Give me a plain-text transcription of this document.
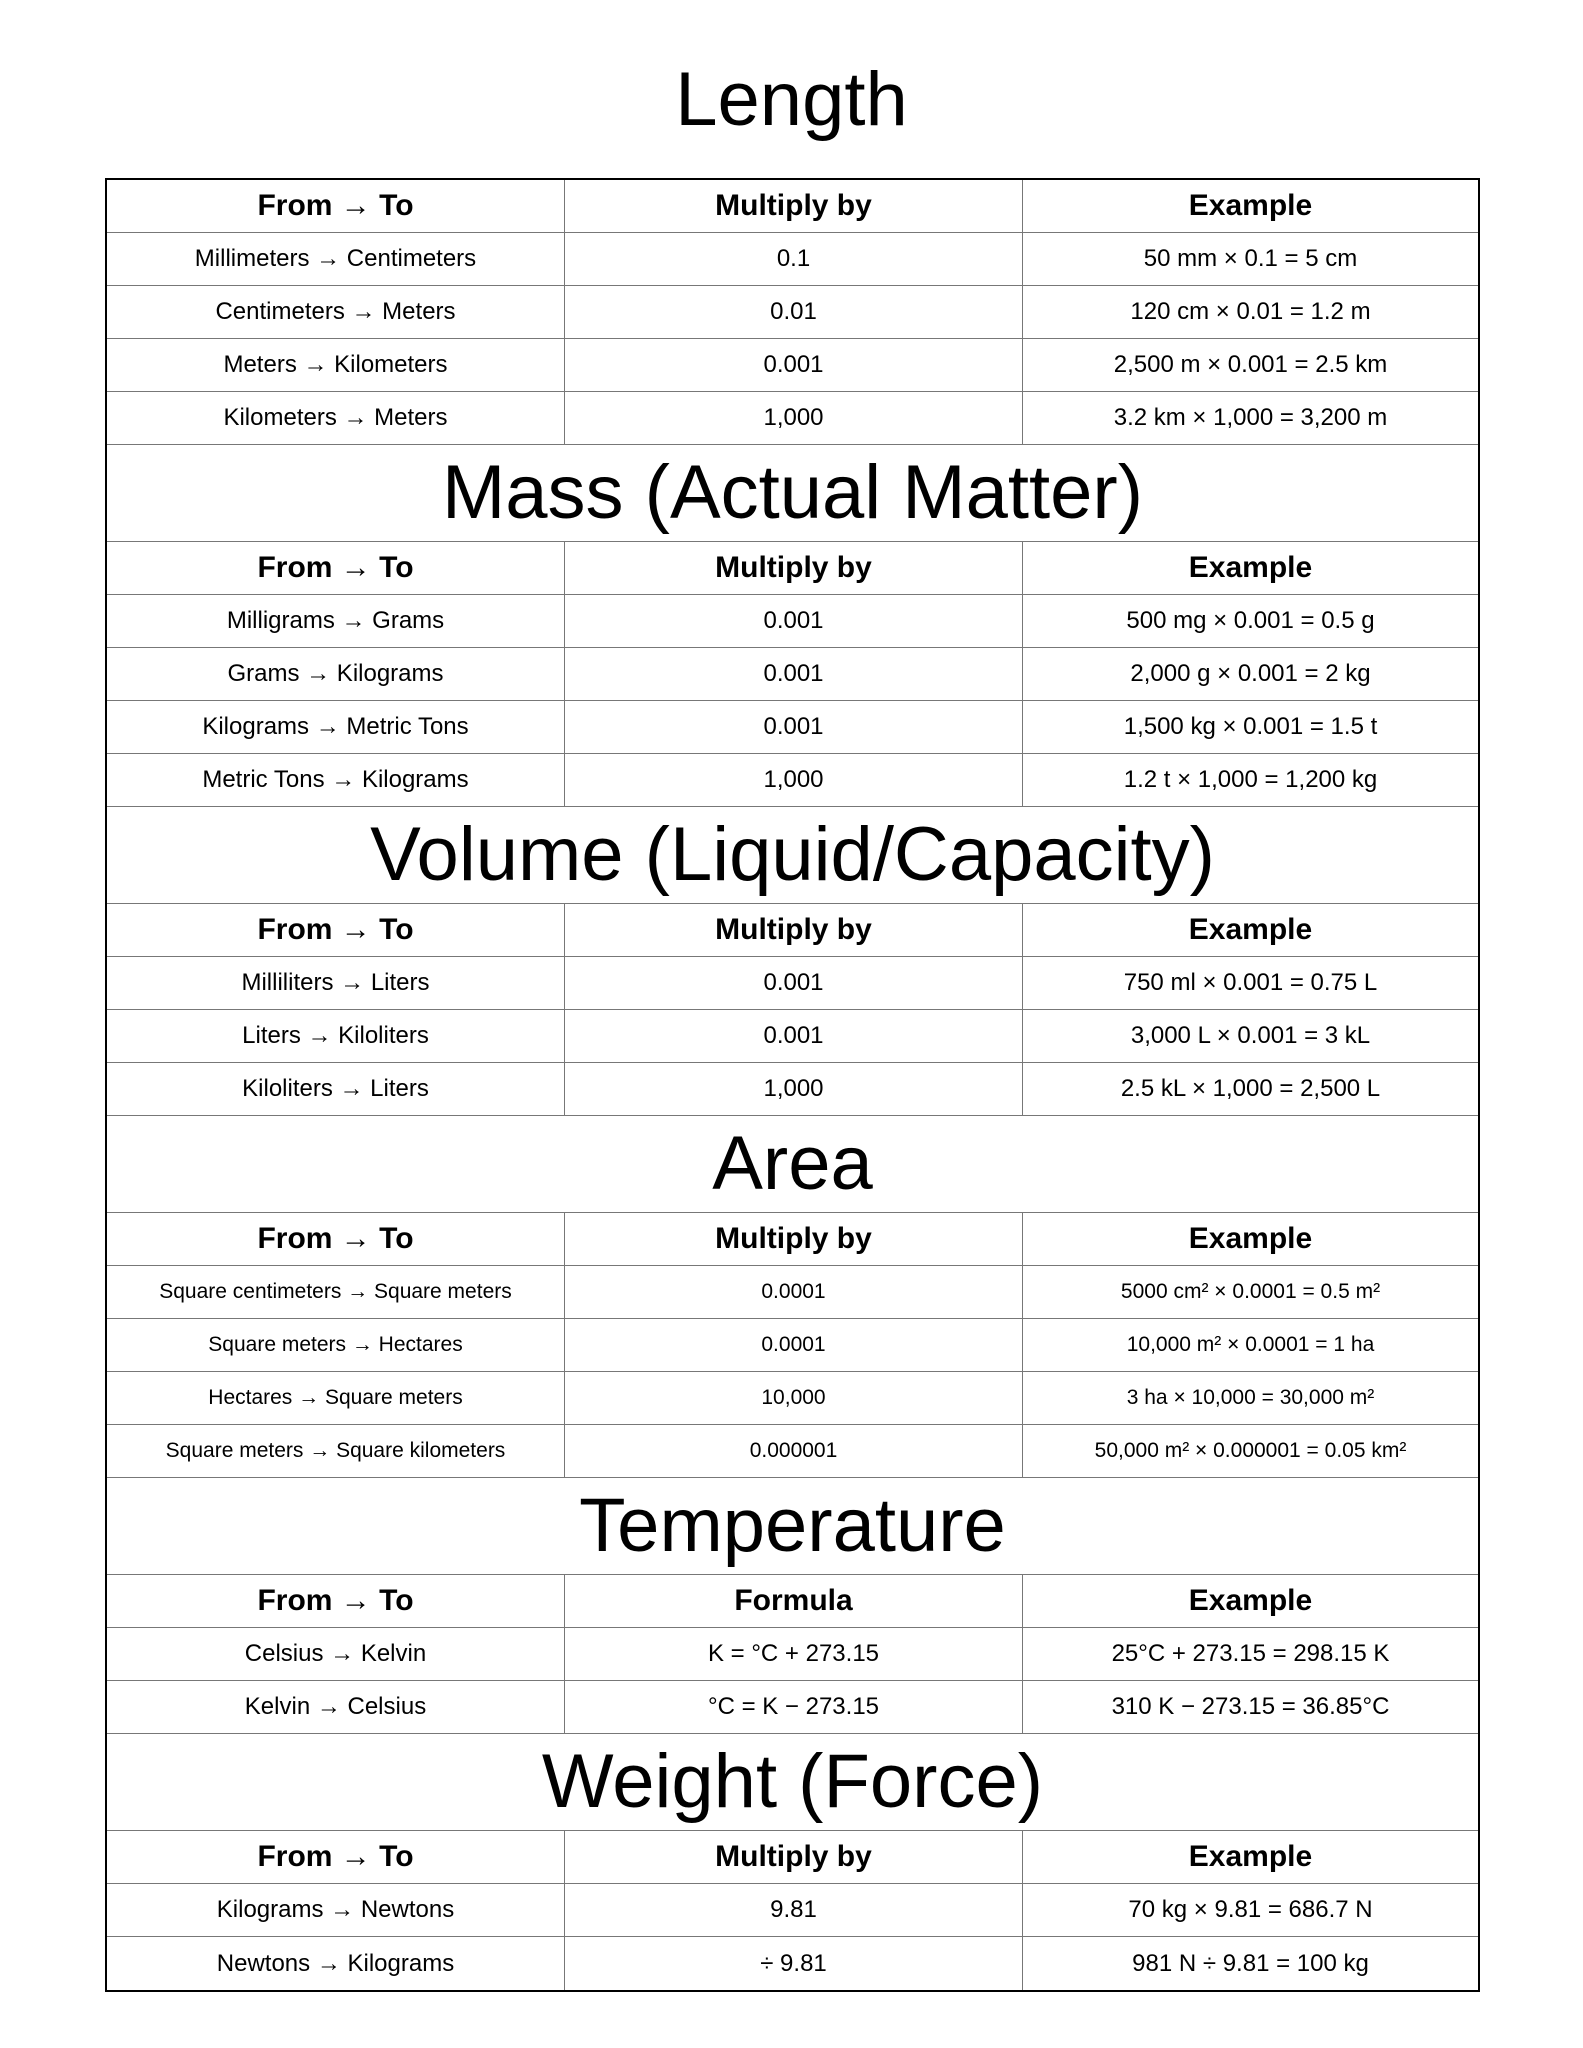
Length
From → To	Multiply by	Example
Millimeters → Centimeters	0.1	50 mm × 0.1 = 5 cm
Centimeters → Meters	0.01	120 cm × 0.01 = 1.2 m
Meters → Kilometers	0.001	2,500 m × 0.001 = 2.5 km
Kilometers → Meters	1,000	3.2 km × 1,000 = 3,200 m
Mass (Actual Matter)
From → To	Multiply by	Example
Milligrams → Grams	0.001	500 mg × 0.001 = 0.5 g
Grams → Kilograms	0.001	2,000 g × 0.001 = 2 kg
Kilograms → Metric Tons	0.001	1,500 kg × 0.001 = 1.5 t
Metric Tons → Kilograms	1,000	1.2 t × 1,000 = 1,200 kg
Volume (Liquid/Capacity)
From → To	Multiply by	Example
Milliliters → Liters	0.001	750 ml × 0.001 = 0.75 L
Liters → Kiloliters	0.001	3,000 L × 0.001 = 3 kL
Kiloliters → Liters	1,000	2.5 kL × 1,000 = 2,500 L
Area
From → To	Multiply by	Example
Square centimeters → Square meters	0.0001	5000 cm² × 0.0001 = 0.5 m²
Square meters → Hectares	0.0001	10,000 m² × 0.0001 = 1 ha
Hectares → Square meters	10,000	3 ha × 10,000 = 30,000 m²
Square meters → Square kilometers	0.000001	50,000 m² × 0.000001 = 0.05 km²
Temperature
From → To	Formula	Example
Celsius → Kelvin	K = °C + 273.15	25°C + 273.15 = 298.15 K
Kelvin → Celsius	°C = K − 273.15	310 K − 273.15 = 36.85°C
Weight (Force)
From → To	Multiply by	Example
Kilograms → Newtons	9.81	70 kg × 9.81 = 686.7 N
Newtons → Kilograms	÷ 9.81	981 N ÷ 9.81 = 100 kg
